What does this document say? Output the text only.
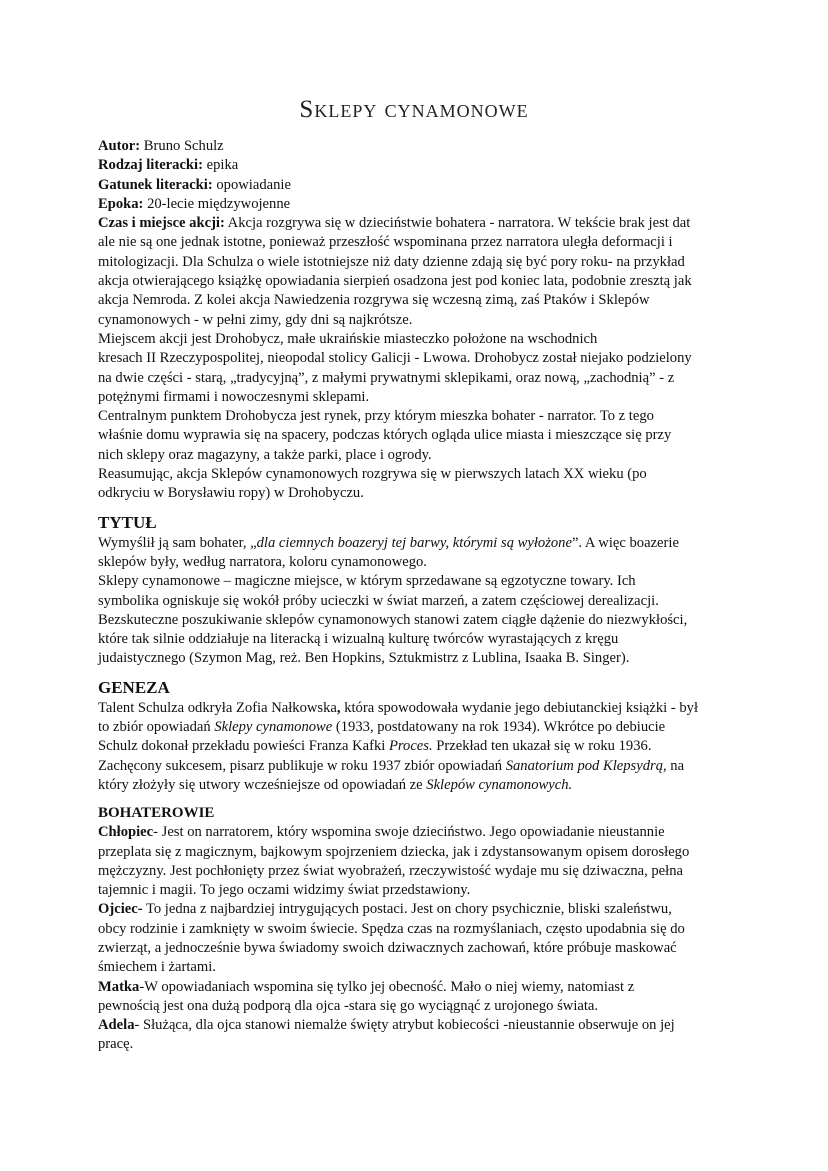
Sklepy cynamonowe

Autor: Bruno Schulz

Rodzaj literacki: epika

Gatunek literacki: opowiadanie

Epoka: 20-lecie międzywojenne

Czas i miejsce akcji: Akcja rozgrywa się w dzieciństwie bohatera - narratora. W tekście brak jest dat
ale nie są one jednak istotne, ponieważ przeszłość wspominana przez narratora uległa deformacji i
mitologizacji. Dla Schulza o wiele istotniejsze niż daty dzienne zdają się być pory roku- na przykład
akcja otwierającego książkę opowiadania sierpień osadzona jest pod koniec lata, podobnie zresztą jak
akcja Nemroda. Z kolei akcja Nawiedzenia rozgrywa się wczesną zimą, zaś Ptaków i Sklepów
cynamonowych - w pełni zimy, gdy dni są najkrótsze.

Miejscem akcji jest Drohobycz, małe ukraińskie miasteczko położone na wschodnich
kresach II Rzeczypospolitej, nieopodal stolicy Galicji - Lwowa. Drohobycz został niejako podzielony
na dwie części - starą, „tradycyjną”, z małymi prywatnymi sklepikami, oraz nową, „zachodnią” - z
potężnymi firmami i nowoczesnymi sklepami.

Centralnym punktem Drohobycza jest rynek, przy którym mieszka bohater - narrator. To z tego
właśnie domu wyprawia się na spacery, podczas których ogląda ulice miasta i mieszczące się przy
nich sklepy oraz magazyny, a także parki, place i ogrody.

Reasumując, akcja Sklepów cynamonowych rozgrywa się w pierwszych latach XX wieku (po
odkryciu w Borysławiu ropy) w Drohobyczu.

TYTUŁ

Wymyślił ją sam bohater, „dla ciemnych boazeryj tej barwy, którymi są wyłożone”. A więc boazerie
sklepów były, według narratora, koloru cynamonowego.

Sklepy cynamonowe – magiczne miejsce, w którym sprzedawane są egzotyczne towary. Ich
symbolika ogniskuje się wokół próby ucieczki w świat marzeń, a zatem częściowej derealizacji.
Bezskuteczne poszukiwanie sklepów cynamonowych stanowi zatem ciągłe dążenie do niezwykłości,
które tak silnie oddziałuje na literacką i wizualną kulturę twórców wyrastających z kręgu
judaistycznego (Szymon Mag, reż. Ben Hopkins, Sztukmistrz z Lublina, Isaaka B. Singer).

GENEZA

Talent Schulza odkryła Zofia Nałkowska, która spowodowała wydanie jego debiutanckiej książki - był
to zbiór opowiadań Sklepy cynamonowe (1933, postdatowany na rok 1934). Wkrótce po debiucie
Schulz dokonał przekładu powieści Franza Kafki Proces. Przekład ten ukazał się w roku 1936.
Zachęcony sukcesem, pisarz publikuje w roku 1937 zbiór opowiadań Sanatorium pod Klepsydrą, na
który złożyły się utwory wcześniejsze od opowiadań ze Sklepów cynamonowych.

BOHATEROWIE

Chłopiec- Jest on narratorem, który wspomina swoje dzieciństwo. Jego opowiadanie nieustannie
przeplata się z magicznym, bajkowym spojrzeniem dziecka, jak i zdystansowanym opisem dorosłego
mężczyzny. Jest pochłonięty przez świat wyobrażeń, rzeczywistość wydaje mu się dziwaczna, pełna
tajemnic i magii. To jego oczami widzimy świat przedstawiony.

Ojciec- To jedna z najbardziej intrygujących postaci. Jest on chory psychicznie, bliski szaleństwu,
obcy rodzinie i zamknięty w swoim świecie. Spędza czas na rozmyślaniach, często upodabnia się do
zwierząt, a jednocześnie bywa świadomy swoich dziwacznych zachowań, które próbuje maskować
śmiechem i żartami.

Matka-W opowiadaniach wspomina się tylko jej obecność. Mało o niej wiemy, natomiast z
pewnością jest ona dużą podporą dla ojca -stara się go wyciągnąć z urojonego świata.

Adela- Służąca, dla ojca stanowi niemalże święty atrybut kobiecości -nieustannie obserwuje on jej
pracę.
